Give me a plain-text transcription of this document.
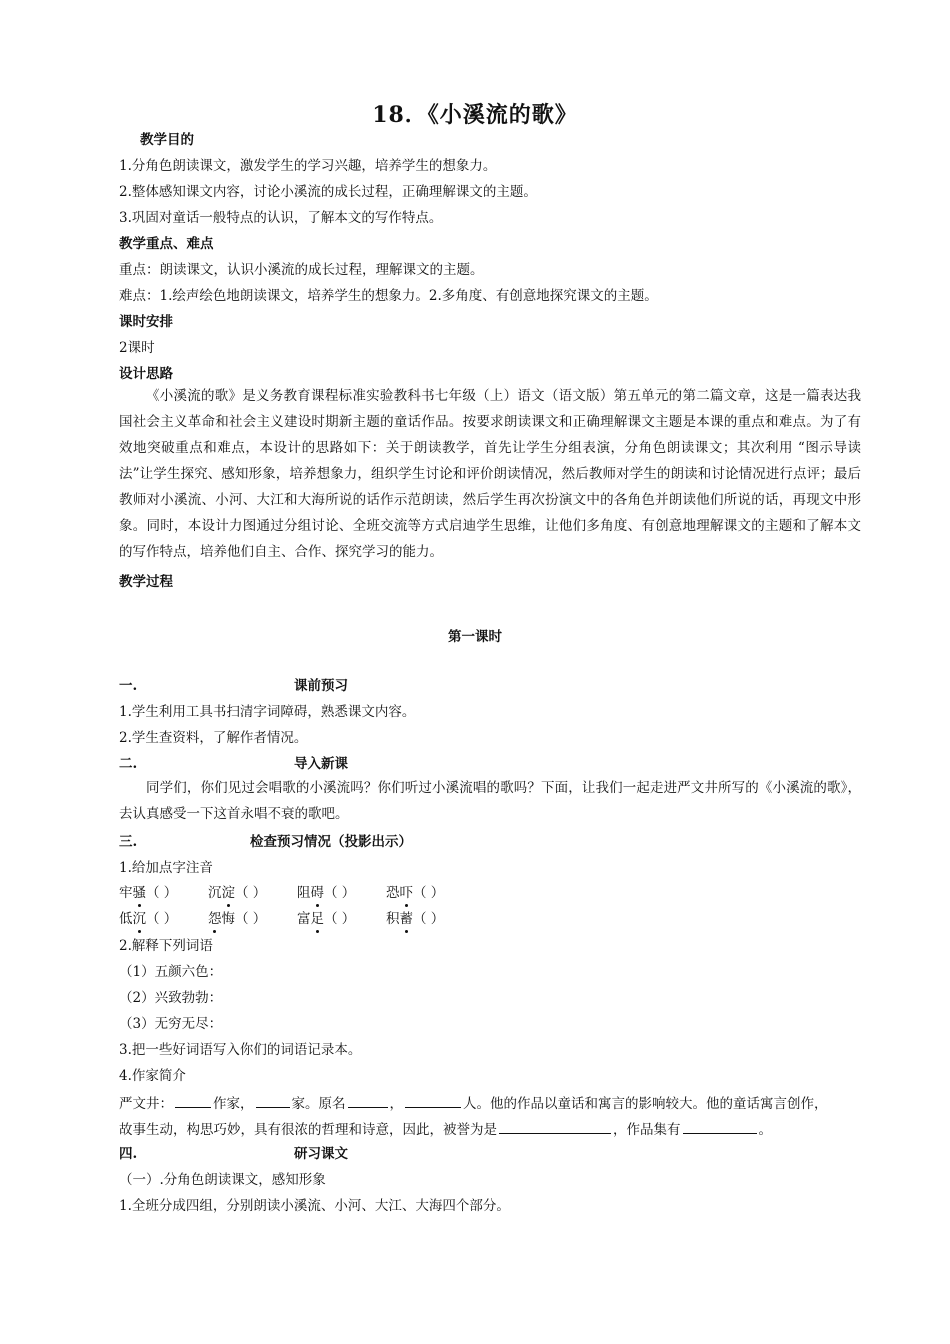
18．《小溪流的歌》
教学目的
1.分角色朗读课文，激发学生的学习兴趣，培养学生的想象力。
2.整体感知课文内容，讨论小溪流的成长过程，正确理解课文的主题。
3.巩固对童话一般特点的认识，了解本文的写作特点。
教学重点、难点
重点：朗读课文，认识小溪流的成长过程，理解课文的主题。
难点：1.绘声绘色地朗读课文，培养学生的想象力。2.多角度、有创意地探究课文的主题。
课时安排
2课时
设计思路
《小溪流的歌》是义务教育课程标准实验教科书七年级（上）语文（语文版）第五单元的第二篇文章，这是一篇表达我国社会主义革命和社会主义建设时期新主题的童话作品。按要求朗读课文和正确理解课文主题是本课的重点和难点。为了有效地突破重点和难点，本设计的思路如下：关于朗读教学，首先让学生分组表演，分角色朗读课文；其次利用 “图示导读法”让学生探究、感知形象，培养想象力，组织学生讨论和评价朗读情况，然后教师对学生的朗读和讨论情况进行点评；最后教师对小溪流、小河、大江和大海所说的话作示范朗读，然后学生再次扮演文中的各角色并朗读他们所说的话，再现文中形象。同时，本设计力图通过分组讨论、全班交流等方式启迪学生思维，让他们多角度、有创意地理解课文的主题和了解本文的写作特点，培养他们自主、合作、探究学习的能力。
教学过程
第一课时
一.	课前预习
1.学生利用工具书扫清字词障碍，熟悉课文内容。
2.学生查资料，了解作者情况。
二.	导入新课
同学们，你们见过会唱歌的小溪流吗？你们听过小溪流唱的歌吗？下面，让我们一起走进严文井所写的《小溪流的歌》，去认真感受一下这首永唱不衰的歌吧。
三.	检查预习情况（投影出示）
1.给加点字注音
牢骚（ ） 沉淀（ ） 阻碍（ ） 恐吓（ ）
低沉（ ） 怨悔（ ） 富足（ ） 积蓄（ ）
2.解释下列词语
（1）五颜六色：
（2）兴致勃勃：
（3）无穷无尽：
3.把一些好词语写入你们的词语记录本。
4.作家简介
严文井：	作家，	家。原名	，	人。他的作品以童话和寓言的影响较大。他的童话寓言创作，
故事生动，构思巧妙，具有很浓的哲理和诗意，因此，被誉为是	，作品集有	。
四.	研习课文
（一）.分角色朗读课文，感知形象
1.全班分成四组，分别朗读小溪流、小河、大江、大海四个部分。
